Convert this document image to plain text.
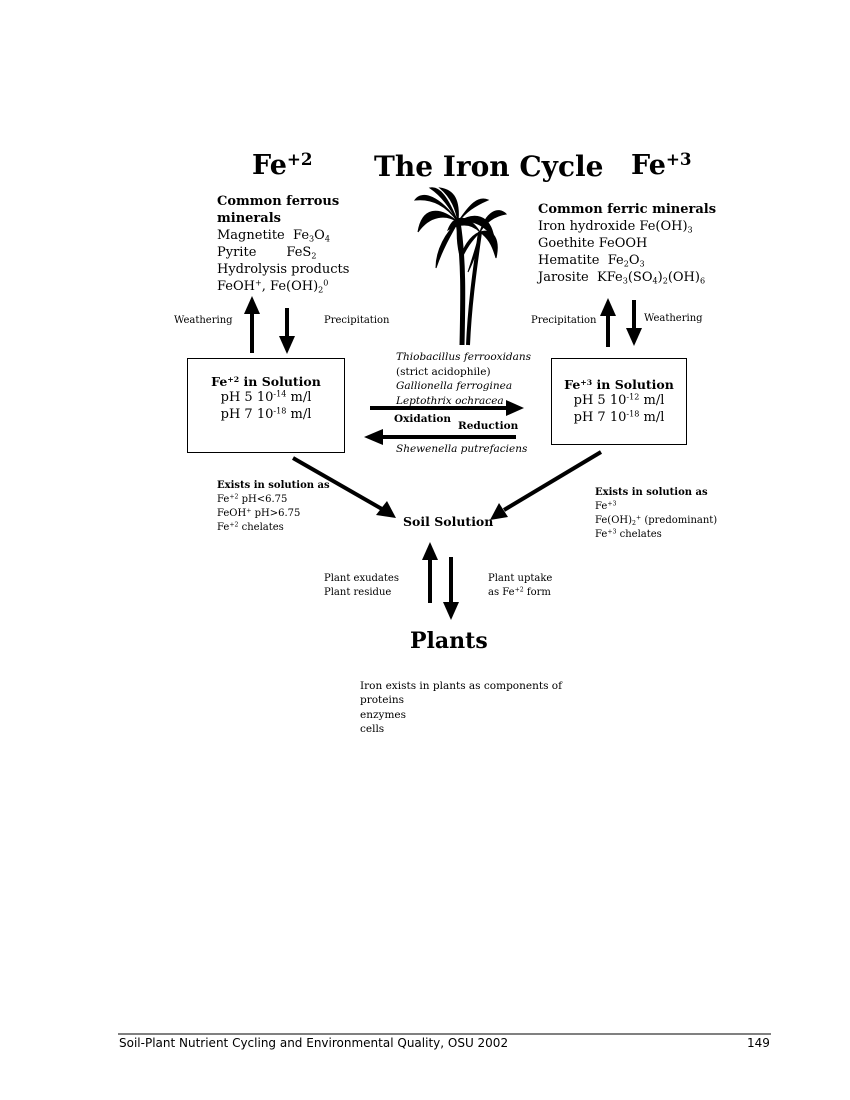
$Fe^{+2}$ The Iron Cycle $Fe^{+3}$
Common ferrous
minerals
Magnetite $Fe_3O_4$
Pyrite FeS$_2$
Hydrolysis products
FeOH+, $Fe(OH)_2^0$
Common ferric minerals
Iron hydroxide $Fe(OH)_3$
Goethite FeOOH
Hematite $Fe_2O_3$
Jarosite $KFe_3(SO_4)_2(OH)_6$
Weathering	Precipitation	Precipitation	Weathering
$Fe^{+2}$ in Solution
pH 5 $10^{-14}$ m/l
pH 7 $10^{-18}$ m/l
$Fe^{+3}$ in Solution
pH 5 $10^{-12}$ m/l
pH 7 $10^{-18}$ m/l
Thiobacillus ferrooxidans
(strict acidophile)
Gallionella ferroginea
Leptothrix ochracea
Oxidation
Reduction
Shewenella putrefaciens
Exists in solution as
$Fe^{+2}$ pH<6.75
FeOH+ pH>6.75
$Fe^{+2}$ chelates
Exists in solution as
$Fe^{+3}$
$Fe(OH)_2^+$ (predominant)
$Fe^{+3}$ chelates
Soil Solution
Plant exudates
Plant residue
Plant uptake
as $Fe^{+2}$ form
Plants
Iron exists in plants as components of
proteins
enzymes
cells
Soil-Plant Nutrient Cycling and Environmental Quality, OSU 2002	149
